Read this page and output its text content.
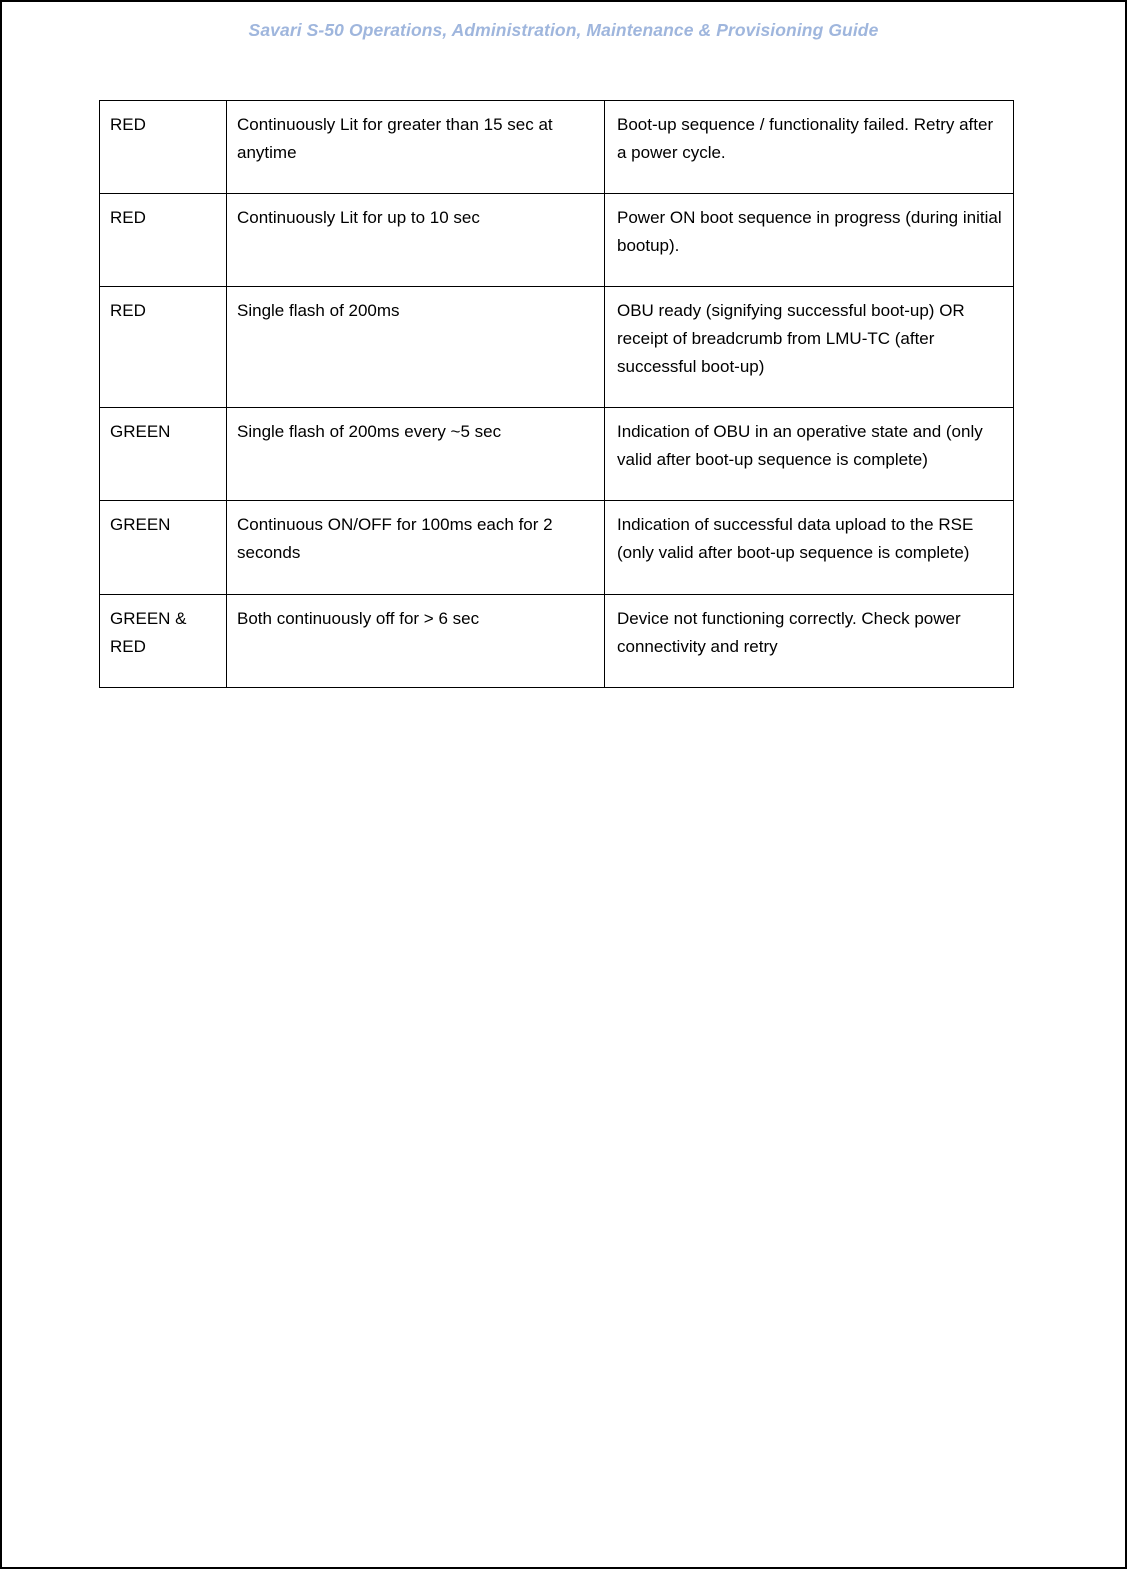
Savari S-50 Operations, Administration, Maintenance & Provisioning Guide
RED	Continuously Lit for greater than 15 sec at anytime	Boot-up sequence / functionality failed. Retry after a power cycle.
RED	Continuously Lit for up to 10 sec	Power ON boot sequence in progress (during initial bootup).
RED	Single flash of 200ms	OBU ready (signifying successful boot-up) OR receipt of breadcrumb from LMU-TC (after successful boot-up)
GREEN	Single flash of 200ms every ~5 sec	Indication of OBU in an operative state and (only valid after boot-up sequence is complete)
GREEN	Continuous ON/OFF for 100ms each for 2 seconds	Indication of successful data upload to the RSE (only valid after boot-up sequence is complete)
GREEN & RED	Both continuously off for > 6 sec	Device not functioning correctly. Check power connectivity and retry
